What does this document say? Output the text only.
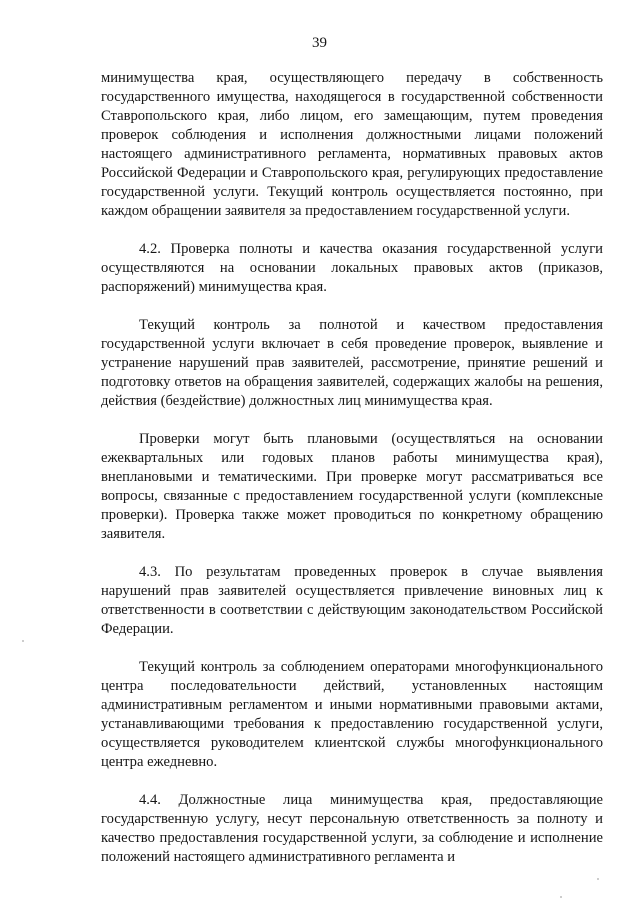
39

минимущества края, осуществляющего передачу в собственность государственного имущества, находящегося в государственной собственности Ставропольского края, либо лицом, его замещающим, путем проведения проверок соблюдения и исполнения должностными лицами положений настоящего административного регламента, нормативных правовых актов Российской Федерации и Ставропольского края, регулирующих предоставление государственной услуги. Текущий контроль осуществляется постоянно, при каждом обращении заявителя за предоставлением государственной услуги.

4.2. Проверка полноты и качества оказания государственной услуги осуществляются на основании локальных правовых актов (приказов, распоряжений) минимущества края.

Текущий контроль за полнотой и качеством предоставления государственной услуги включает в себя проведение проверок, выявление и устранение нарушений прав заявителей, рассмотрение, принятие решений и подготовку ответов на обращения заявителей, содержащих жалобы на решения, действия (бездействие) должностных лиц минимущества края.

Проверки могут быть плановыми (осуществляться на основании ежеквартальных или годовых планов работы минимущества края), внеплановыми и тематическими. При проверке могут рассматриваться все вопросы, связанные с предоставлением государственной услуги (комплексные проверки). Проверка также может проводиться по конкретному обращению заявителя.

4.3. По результатам проведенных проверок в случае выявления нарушений прав заявителей осуществляется привлечение виновных лиц к ответственности в соответствии с действующим законодательством Российской Федерации.

Текущий контроль за соблюдением операторами многофункционального центра последовательности действий, установленных настоящим административным регламентом и иными нормативными правовыми актами, устанавливающими требования к предоставлению государственной услуги, осуществляется руководителем клиентской службы многофункционального центра ежедневно.

4.4. Должностные лица минимущества края, предоставляющие государственную услугу, несут персональную ответственность за полноту и качество предоставления государственной услуги, за соблюдение и исполнение положений настоящего административного регламента и
